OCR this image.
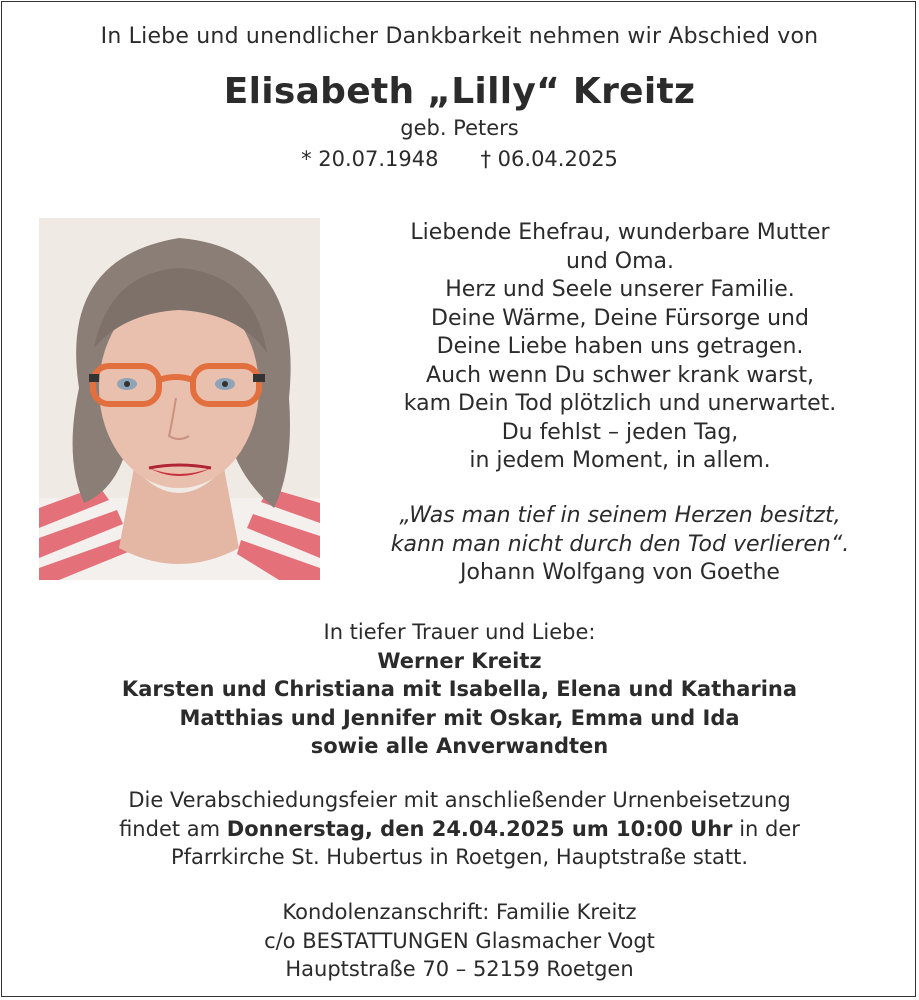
In Liebe und unendlicher Dankbarkeit nehmen wir Abschied von
Elisabeth „Lilly“ Kreitz
geb. Peters
* 20.07.1948 † 06.04.2025
Liebende Ehefrau, wunderbare Mutter
und Oma.
Herz und Seele unserer Familie.
Deine Wärme, Deine Fürsorge und
Deine Liebe haben uns getragen.
Auch wenn Du schwer krank warst,
kam Dein Tod plötzlich und unerwartet.
Du fehlst – jeden Tag,
in jedem Moment, in allem.
„Was man tief in seinem Herzen besitzt,
kann man nicht durch den Tod verlieren“.
Johann Wolfgang von Goethe
In tiefer Trauer und Liebe:
Werner Kreitz
Karsten und Christiana mit Isabella, Elena und Katharina
Matthias und Jennifer mit Oskar, Emma und Ida
sowie alle Anverwandten
Die Verabschiedungsfeier mit anschließender Urnenbeisetzung
findet am Donnerstag, den 24.04.2025 um 10:00 Uhr in der
Pfarrkirche St. Hubertus in Roetgen, Hauptstraße statt.
Kondolenzanschrift: Familie Kreitz
c/o BESTATTUNGEN Glasmacher Vogt
Hauptstraße 70 – 52159 Roetgen
